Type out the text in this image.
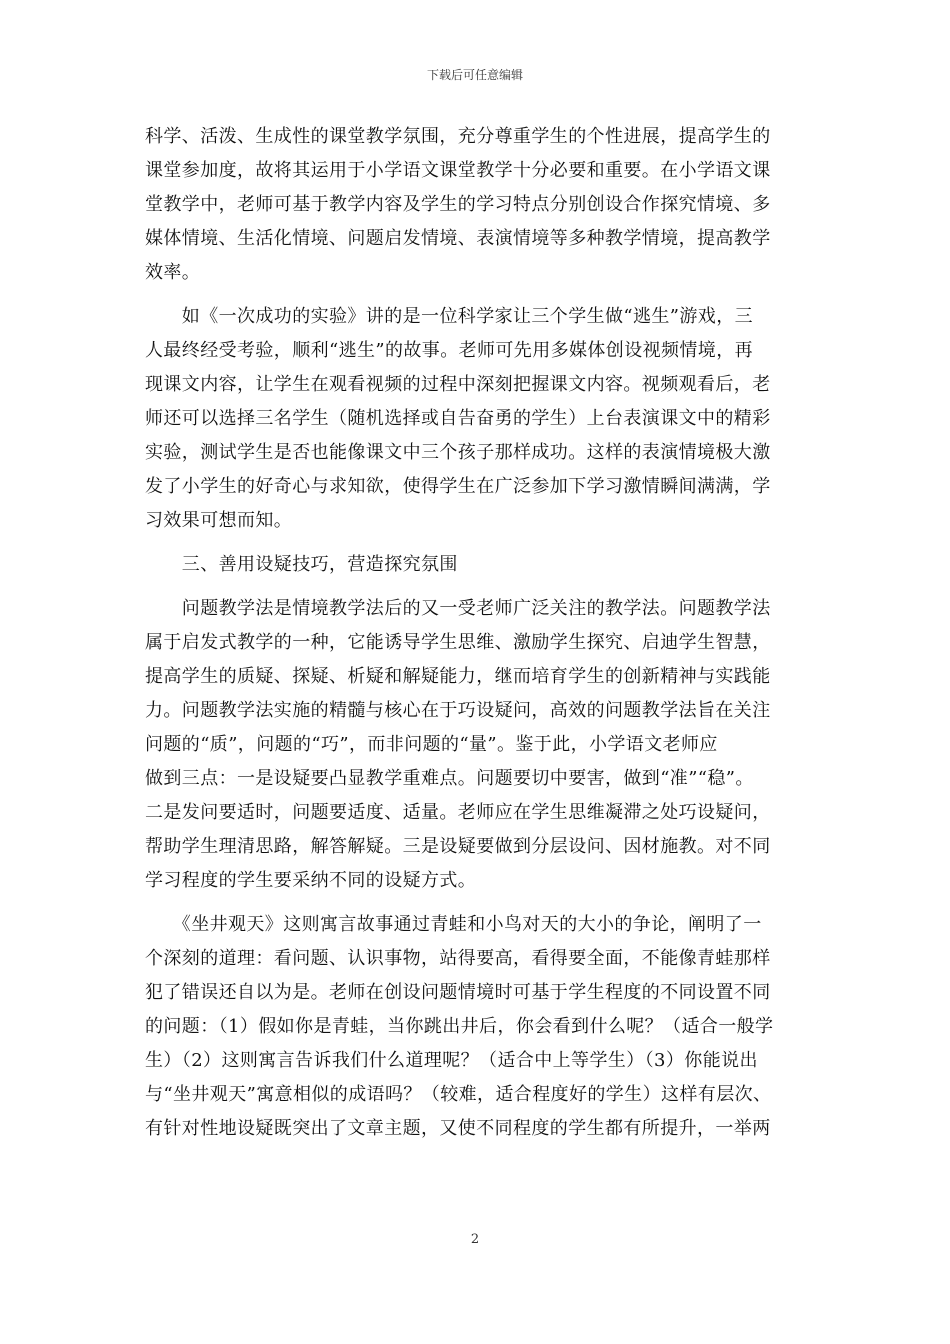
下载后可任意编辑
科学、活泼、生成性的课堂教学氛围，充分尊重学生的个性进展，提高学生的
课堂参加度，故将其运用于小学语文课堂教学十分必要和重要。在小学语文课
堂教学中，老师可基于教学内容及学生的学习特点分别创设合作探究情境、多
媒体情境、生活化情境、问题启发情境、表演情境等多种教学情境，提高教学
效率。
　　如《一次成功的实验》讲的是一位科学家让三个学生做“逃生”游戏，三
人最终经受考验，顺利“逃生”的故事。老师可先用多媒体创设视频情境，再
现课文内容，让学生在观看视频的过程中深刻把握课文内容。视频观看后，老
师还可以选择三名学生（随机选择或自告奋勇的学生）上台表演课文中的精彩
实验，测试学生是否也能像课文中三个孩子那样成功。这样的表演情境极大激
发了小学生的好奇心与求知欲，使得学生在广泛参加下学习激情瞬间满满，学
习效果可想而知。
　　三、善用设疑技巧，营造探究氛围
　　问题教学法是情境教学法后的又一受老师广泛关注的教学法。问题教学法
属于启发式教学的一种，它能诱导学生思维、激励学生探究、启迪学生智慧，
提高学生的质疑、探疑、析疑和解疑能力，继而培育学生的创新精神与实践能
力。问题教学法实施的精髓与核心在于巧设疑问，高效的问题教学法旨在关注
问题的“质”，问题的“巧”，而非问题的“量”。鉴于此，小学语文老师应
做到三点：一是设疑要凸显教学重难点。问题要切中要害，做到“准”“稳”。
二是发问要适时，问题要适度、适量。老师应在学生思维凝滞之处巧设疑问，
帮助学生理清思路，解答解疑。三是设疑要做到分层设问、因材施教。对不同
学习程度的学生要采纳不同的设疑方式。
　　《坐井观天》这则寓言故事通过青蛙和小鸟对天的大小的争论，阐明了一
个深刻的道理：看问题、认识事物，站得要高，看得要全面，不能像青蛙那样
犯了错误还自以为是。老师在创设问题情境时可基于学生程度的不同设置不同
的问题：（1）假如你是青蛙，当你跳出井后，你会看到什么呢？（适合一般学
生）（2）这则寓言告诉我们什么道理呢？（适合中上等学生）（3）你能说出
与“坐井观天”寓意相似的成语吗？（较难，适合程度好的学生）这样有层次、
有针对性地设疑既突出了文章主题，又使不同程度的学生都有所提升，一举两
2
